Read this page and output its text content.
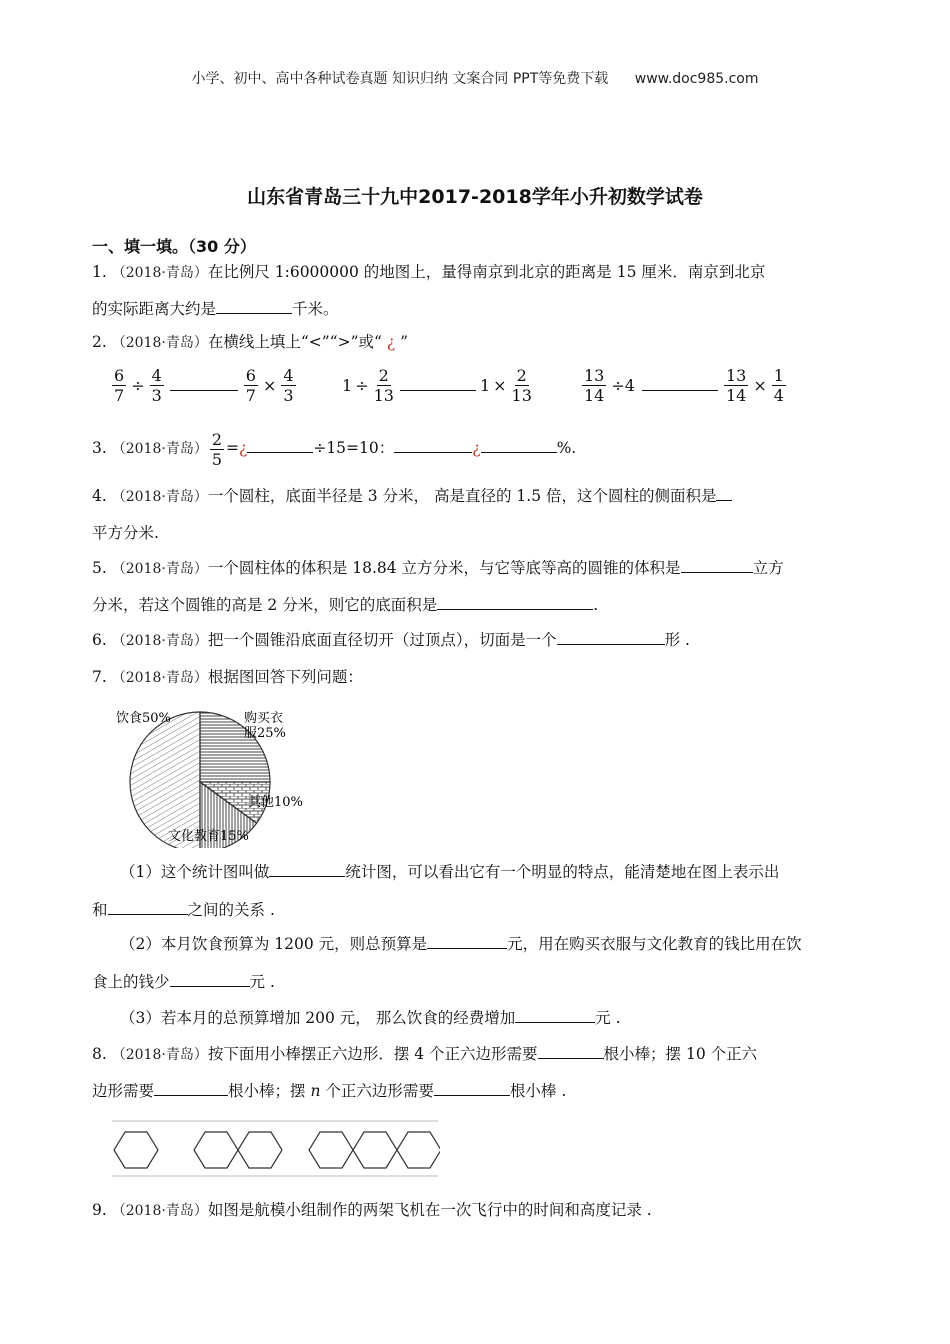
小学、初中、高中各种试卷真题 知识归纳 文案合同 PPT等免费下载 www.doc985.com
山东省青岛三十九中2017-2018学年小升初数学试卷
一、填一填。（30 分）
1. （2018·青岛）在比例尺 1:6000000 的地图上，量得南京到北京的距离是 15 厘米．南京到北京
的实际距离大约是	千米。
2. （2018·青岛）在横线上填上“<”“>”或“ ¿ ”
$\frac{6}{7} \div \frac{4}{3}$	$\frac{6}{7} \times \frac{4}{3}$	$1 \div \frac{2}{13}$	$1 \times \frac{2}{13}$	$\frac{13}{14} \div 4$	$\frac{13}{14} \times \frac{1}{4}$
3. （2018·青岛） $\frac{2}{5}$ =¿	÷15=10：	¿	%.
4. （2018·青岛）一个圆柱，底面半径是 3 分米， 高是直径的 1.5 倍，这个圆柱的侧面积是
平方分米.
5. （2018·青岛）一个圆柱体的体积是 18.84 立方分米，与它等底等高的圆锥的体积是	立方
分米，若这个圆锥的高是 2 分米，则它的底面积是	.
6. （2018·青岛）把一个圆锥沿底面直径切开（过顶点），切面是一个	形 .
7. （2018·青岛）根据图回答下列问题：
饮食50%	购买衣
服25%
其他10%
文化教育15%
（1）这个统计图叫做	统计图，可以看出它有一个明显的特点，能清楚地在图上表示出
和	之间的关系 .
（2）本月饮食预算为 1200 元，则总预算是	元，用在购买衣服与文化教育的钱比用在饮
食上的钱少	元 .
（3）若本月的总预算增加 200 元， 那么饮食的经费增加	元 .
8. （2018·青岛）按下面用小棒摆正六边形．摆 4 个正六边形需要	根小棒；摆 10 个正六
边形需要	根小棒；摆 n 个正六边形需要	根小棒 .
9. （2018·青岛）如图是航模小组制作的两架飞机在一次飞行中的时间和高度记录 .
